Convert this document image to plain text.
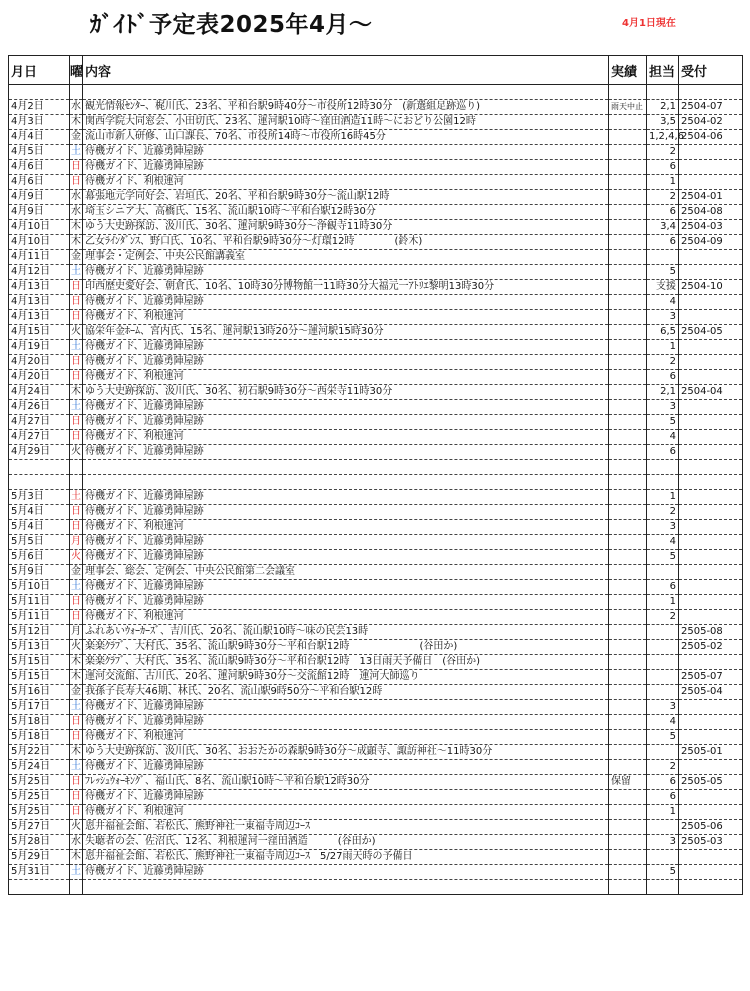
ｶﾞｲﾄﾞ予定表2025年4月～	4月1日現在
月日	曜	内容	実績	担当	受付

4月2日	水	観光情報ｾﾝﾀｰ、梶川氏、23名、平和台駅9時40分～市役所12時30分　(新選組足跡巡り)	雨天中止	2,1	2504-07
4月3日	木	関西学院大同窓会、小田切氏、23名、運河駅10時～窪田酒造11時～におどり公園12時		3,5	2504-02
4月4日	金	流山市新人研修、山口課長、70名、市役所14時～市役所16時45分		1,2,4,6	2504-06
4月5日	土	待機ガイド、近藤勇陣屋跡		2	
4月6日	日	待機ガイド、近藤勇陣屋跡		6	
4月6日	日	待機ガイド、利根運河		1	
4月9日	水	幕張地元学同好会、岩垣氏、20名、平和台駅9時30分～流山駅12時		2	2504-01
4月9日	水	埼玉シニア大、高橋氏、15名、流山駅10時～平和台駅12時30分		6	2504-08
4月10日	木	ゆう大史跡探訪、汲川氏、30名、運河駅9時30分～浄観寺11時30分		3,4	2504-03
4月10日	木	乙女ﾗｲﾝﾀﾞﾝｽ、野口氏、10名、平和台駅9時30分～灯環12時　　　　(鈴木)		6	2504-09
4月11日	金	理事会・定例会、中央公民館講義室			
4月12日	土	待機ガイド、近藤勇陣屋跡		5	
4月13日	日	印西歴史愛好会、朝倉氏、10名、10時30分博物館一11時30分大福元一ｱﾄﾘｴ黎明13時30分		支援	2504-10
4月13日	日	待機ガイド、近藤勇陣屋跡		4	
4月13日	日	待機ガイド、利根運河		3	
4月15日	火	協栄年金ﾎｰﾑ、宮内氏、15名、運河駅13時20分～運河駅15時30分		6,5	2504-05
4月19日	土	待機ガイド、近藤勇陣屋跡		1	
4月20日	日	待機ガイド、近藤勇陣屋跡		2	
4月20日	日	待機ガイド、利根運河		6	
4月24日	木	ゆう大史跡探訪、汲川氏、30名、初石駅9時30分～西栄寺11時30分		2,1	2504-04
4月26日	土	待機ガイド、近藤勇陣屋跡		3	
4月27日	日	待機ガイド、近藤勇陣屋跡		5	
4月27日	日	待機ガイド、利根運河		4	
4月29日	火	待機ガイド、近藤勇陣屋跡		6	

5月3日	土	待機ガイド、近藤勇陣屋跡		1	
5月4日	日	待機ガイド、近藤勇陣屋跡		2	
5月4日	日	待機ガイド、利根運河		3	
5月5日	月	待機ガイド、近藤勇陣屋跡		4	
5月6日	火	待機ガイド、近藤勇陣屋跡		5	
5月9日	金	理事会、総会、定例会、中央公民館第二会議室			
5月10日	土	待機ガイド、近藤勇陣屋跡		6	
5月11日	日	待機ガイド、近藤勇陣屋跡		1	
5月11日	日	待機ガイド、利根運河		2	
5月12日	月	ふれあいｳｫｰｶｰｽﾞ、吉川氏、20名、流山駅10時～味の民芸13時			2505-08
5月13日	火	楽楽ｸﾗﾌﾞ、大村氏、35名、流山駅9時30分～平和台駅12時　　　　　　　(谷田か)			2505-02
5月15日	木	楽楽ｸﾗﾌﾞ、大村氏、35名、流山駅9時30分～平和台駅12時　13日雨天予備日　(谷田か)			
5月15日	木	運河交流館、古川氏、20名、運河駅9時30分～交流館12時　運河大師巡り			2505-07
5月16日	金	我孫子長寿大46期、林氏、20名、流山駅9時50分～平和台駅12時			2505-04
5月17日	土	待機ガイド、近藤勇陣屋跡		3	
5月18日	日	待機ガイド、近藤勇陣屋跡		4	
5月18日	日	待機ガイド、利根運河		5	
5月22日	木	ゆう大史跡探訪、汲川氏、30名、おおたかの森駅9時30分～成顕寺、諏訪神社～11時30分			2505-01
5月24日	土	待機ガイド、近藤勇陣屋跡		2	
5月25日	日	ﾌﾚｯｼｭｳｫｰｷﾝｸﾞ、福山氏、8名、流山駅10時～平和台駅12時30分	保留	6	2505-05
5月25日	日	待機ガイド、近藤勇陣屋跡		6	
5月25日	日	待機ガイド、利根運河		1	
5月27日	火	恩井福祉会館、若松氏、熊野神社一東福寺周辺ｺｰｽ			2505-06
5月28日	水	失聴者の会、佐沼氏、12名、利根運河一窪田酒造　　　(谷田か)		3	2505-03
5月29日	木	恩井福祉会館、若松氏、熊野神社一東福寺周辺ｺｰｽ　5/27雨天時の予備日			
5月31日	土	待機ガイド、近藤勇陣屋跡		5	
